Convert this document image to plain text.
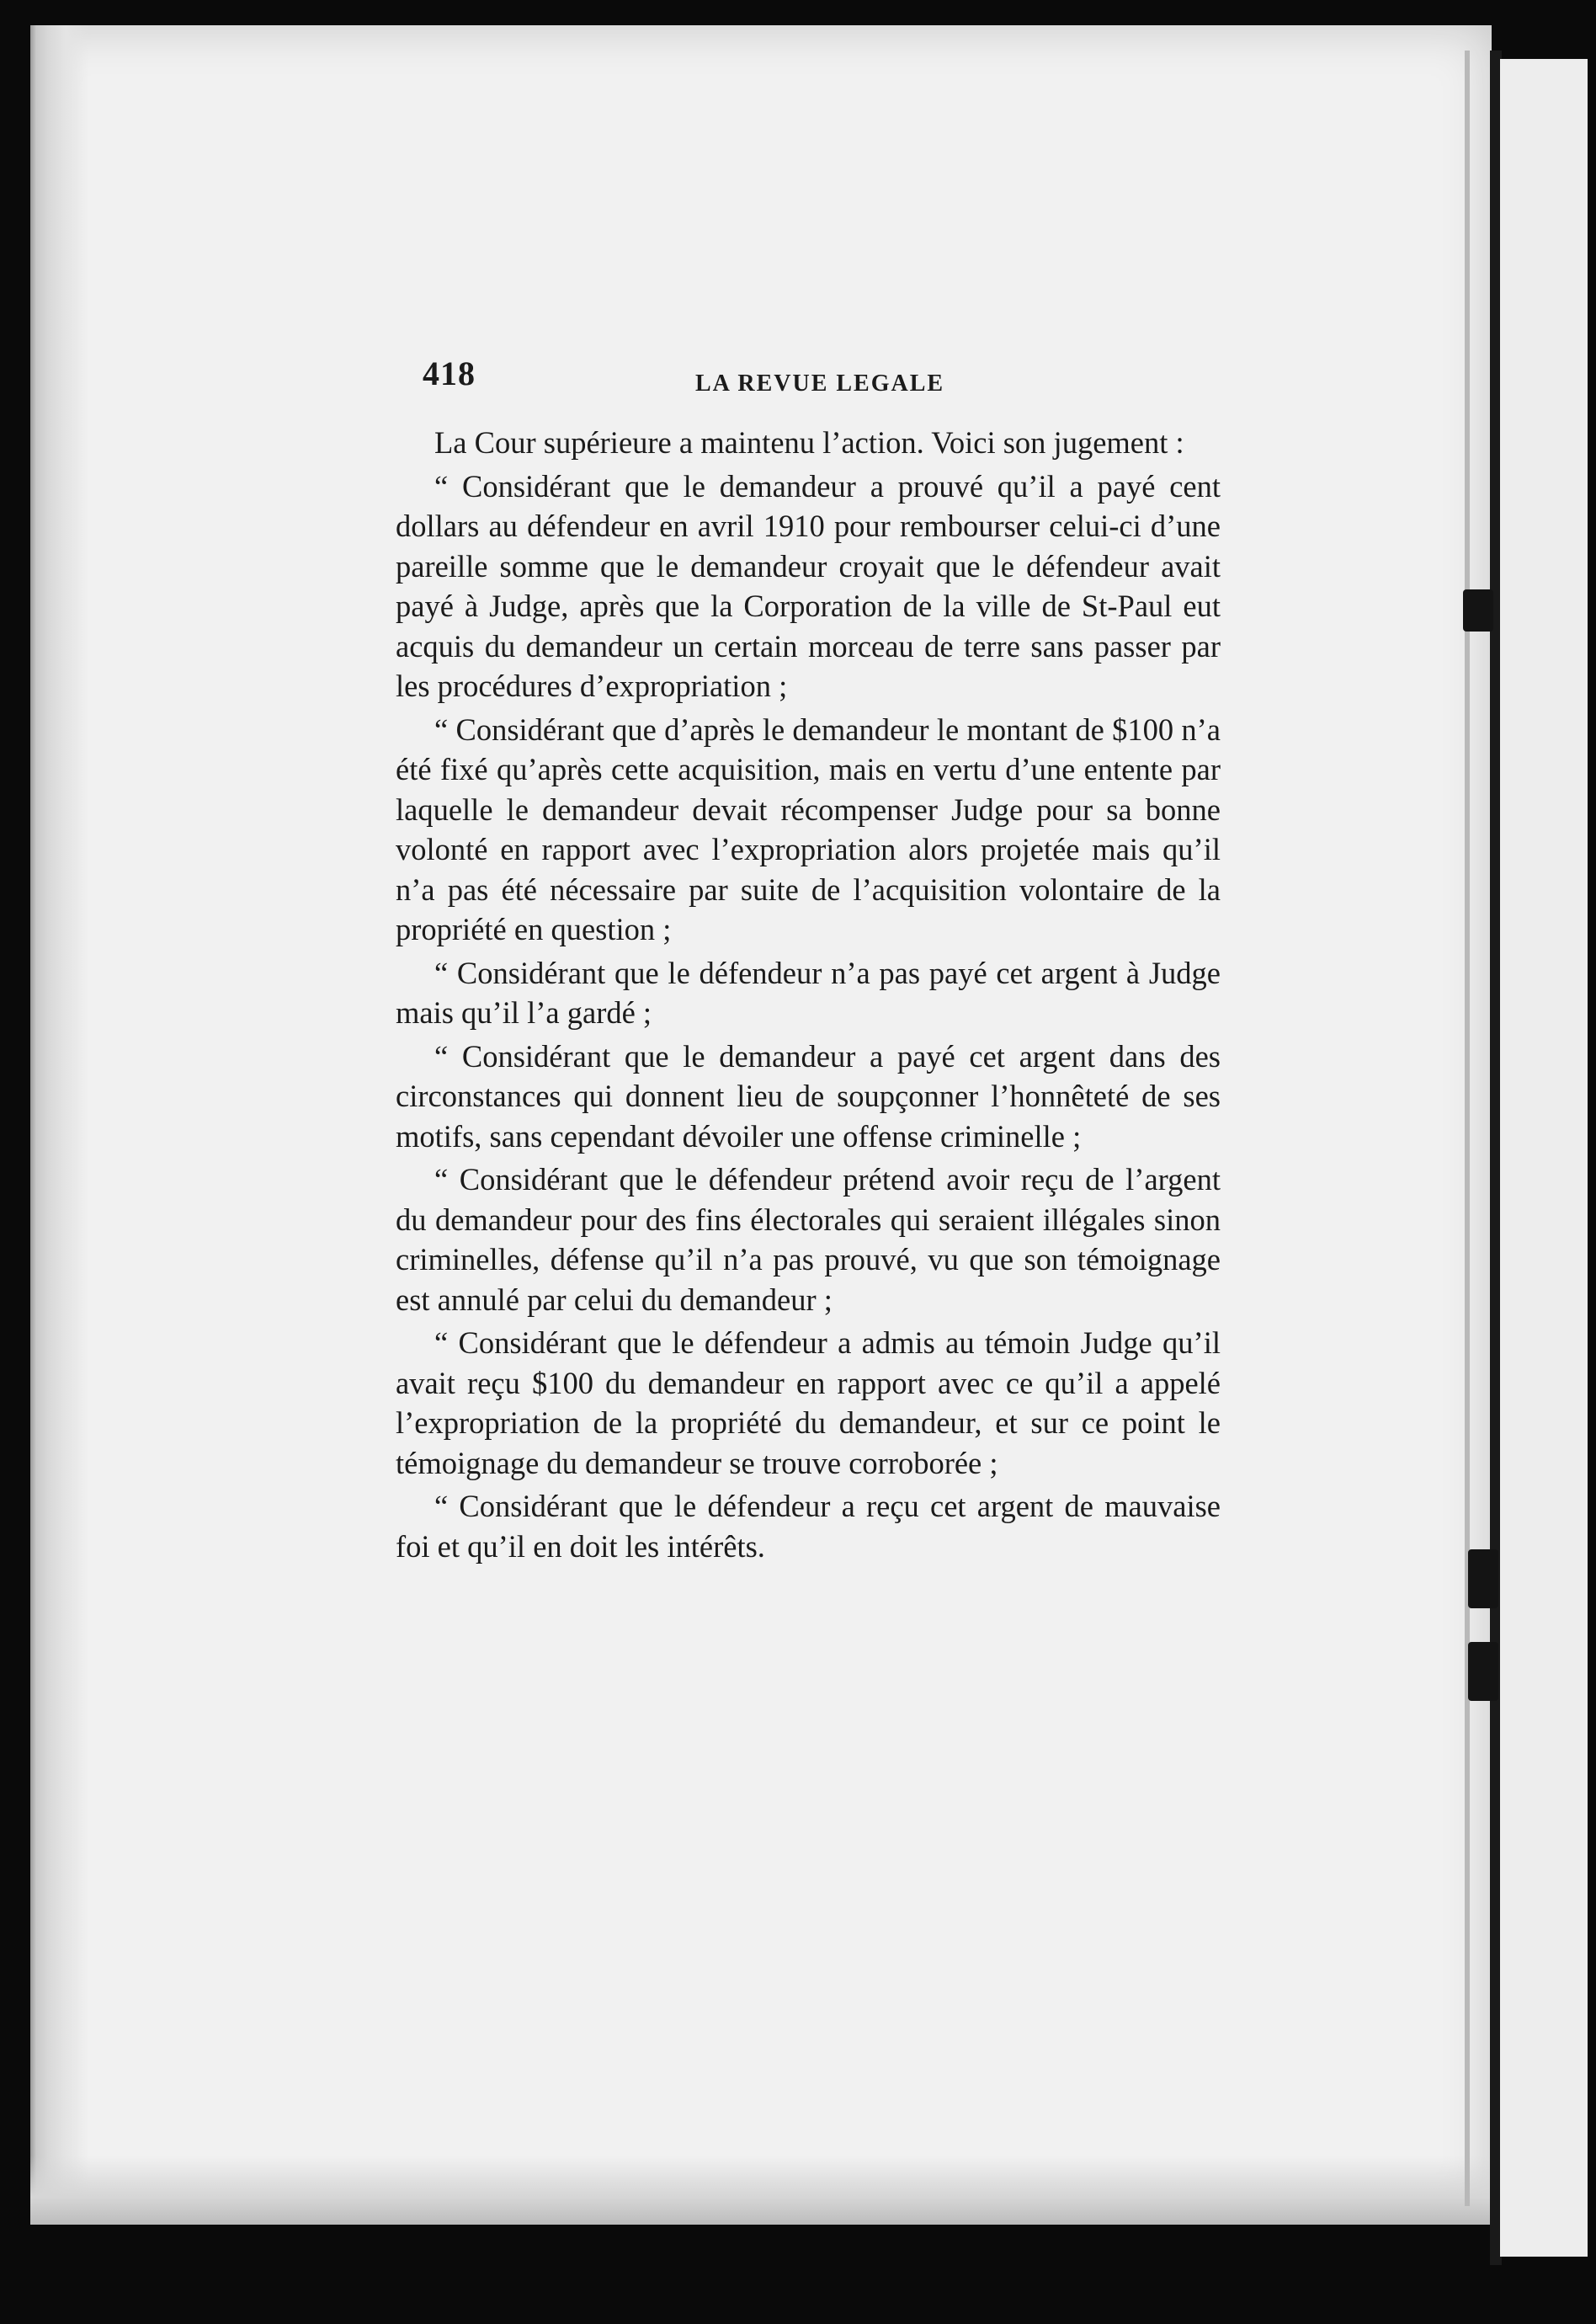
418	LA REVUE LEGALE

La Cour supérieure a maintenu l’action. Voici son jugement :

“ Considérant que le demandeur a prouvé qu’il a payé cent dollars au défendeur en avril 1910 pour rembourser celui-ci d’une pareille somme que le demandeur croyait que le défendeur avait payé à Judge, après que la Corporation de la ville de St-Paul eut acquis du demandeur un certain morceau de terre sans passer par les procédures d’expropriation ;

“ Considérant que d’après le demandeur le montant de $100 n’a été fixé qu’après cette acquisition, mais en vertu d’une entente par laquelle le demandeur devait récompenser Judge pour sa bonne volonté en rapport avec l’expropriation alors projetée mais qu’il n’a pas été nécessaire par suite de l’acquisition volontaire de la propriété en question ;

“ Considérant que le défendeur n’a pas payé cet argent à Judge mais qu’il l’a gardé ;

“ Considérant que le demandeur a payé cet argent dans des circonstances qui donnent lieu de soupçonner l’honnêteté de ses motifs, sans cependant dévoiler une offense criminelle ;

“ Considérant que le défendeur prétend avoir reçu de l’argent du demandeur pour des fins électorales qui seraient illégales sinon criminelles, défense qu’il n’a pas prouvé, vu que son témoignage est annulé par celui du demandeur ;

“ Considérant que le défendeur a admis au témoin Judge qu’il avait reçu $100 du demandeur en rapport avec ce qu’il a appelé l’expropriation de la propriété du demandeur, et sur ce point le témoignage du demandeur se trouve corroborée ;

“ Considérant que le défendeur a reçu cet argent de mauvaise foi et qu’il en doit les intérêts.
